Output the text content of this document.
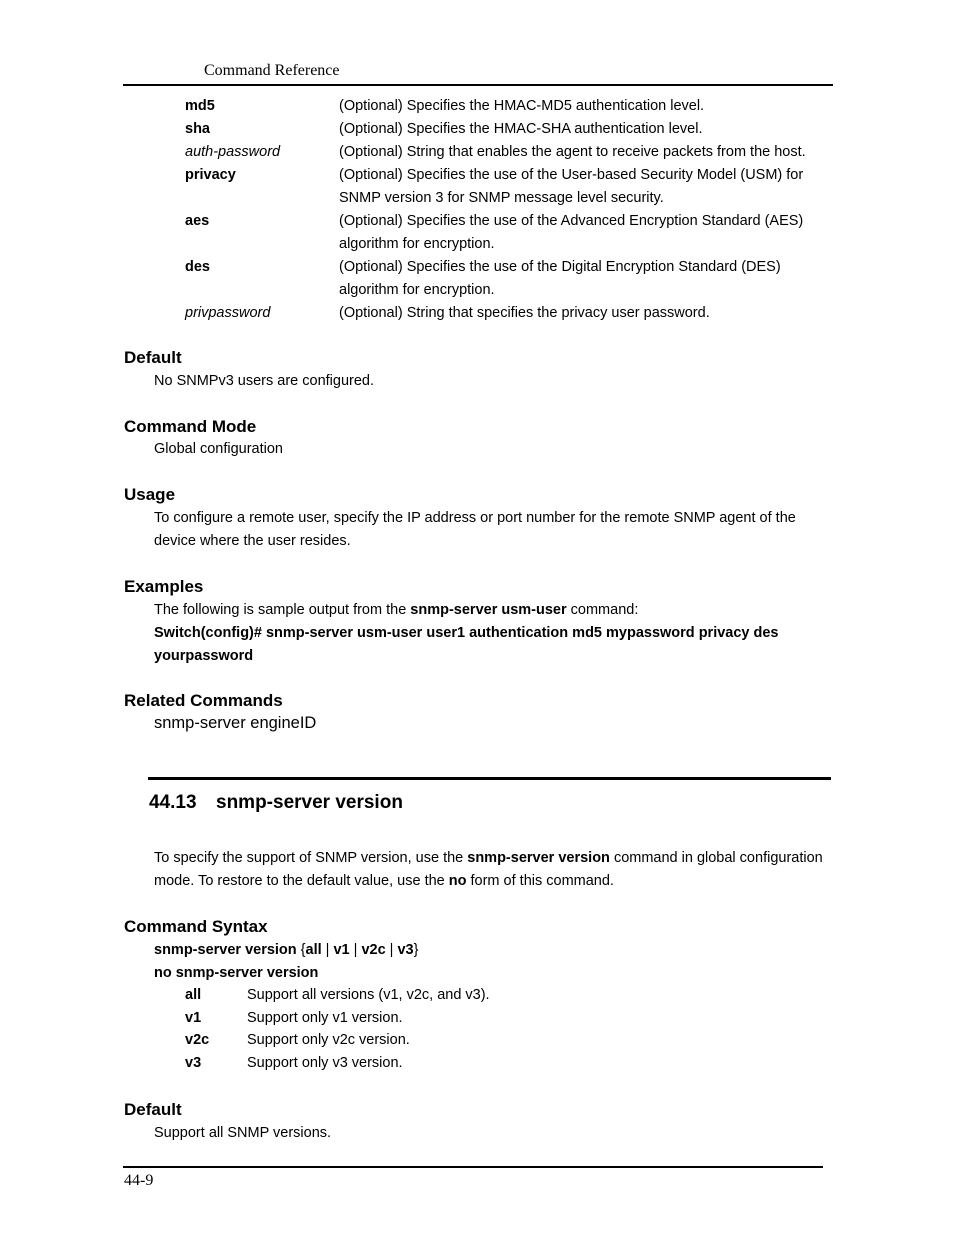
Command Reference
md5	(Optional) Specifies the HMAC-MD5 authentication level.
sha	(Optional) Specifies the HMAC-SHA authentication level.
auth-password	(Optional) String that enables the agent to receive packets from the host.
privacy	(Optional) Specifies the use of the User-based Security Model (USM) for
SNMP version 3 for SNMP message level security.
aes	(Optional) Specifies the use of the Advanced Encryption Standard (AES)
algorithm for encryption.
des	(Optional) Specifies the use of the Digital Encryption Standard (DES)
algorithm for encryption.
privpassword	(Optional) String that specifies the privacy user password.
Default
No SNMPv3 users are configured.
Command Mode
Global configuration
Usage
To configure a remote user, specify the IP address or port number for the remote SNMP agent of the
device where the user resides.
Examples
The following is sample output from the snmp-server usm-user command:
Switch(config)# snmp-server usm-user user1 authentication md5 mypassword privacy des
yourpassword
Related Commands
snmp-server engineID
44.13 snmp-server version
To specify the support of SNMP version, use the snmp-server version command in global configuration
mode. To restore to the default value, use the no form of this command.
Command Syntax
snmp-server version {all | v1 | v2c | v3}
no snmp-server version
all	Support all versions (v1, v2c, and v3).
v1	Support only v1 version.
v2c	Support only v2c version.
v3	Support only v3 version.
Default
Support all SNMP versions.
44-9
